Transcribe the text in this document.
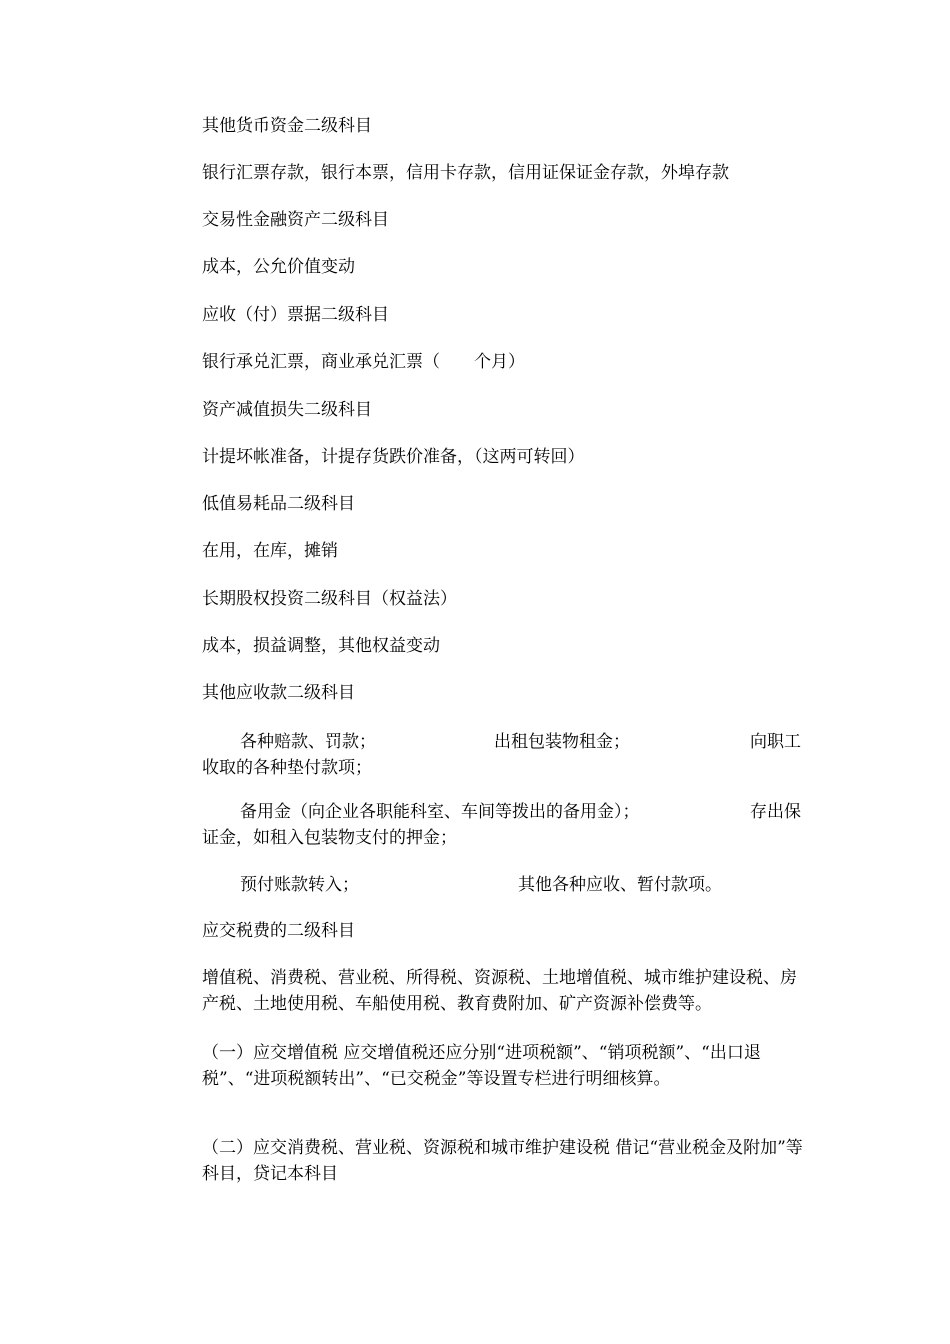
其他货币资金二级科目
银行汇票存款，银行本票，信用卡存款，信用证保证金存款，外埠存款
交易性金融资产二级科目
成本，公允价值变动
应收（付）票据二级科目
银行承兑汇票，商业承兑汇票（　　个月）
资产减值损失二级科目
计提坏帐准备，计提存货跌价准备，（这两可转回）
低值易耗品二级科目
在用，在库，摊销
长期股权投资二级科目（权益法）
成本，损益调整，其他权益变动
其他应收款二级科目
各种赔款、罚款；	出租包装物租金；	向职工
收取的各种垫付款项；
备用金（向企业各职能科室、车间等拨出的备用金）；	存出保
证金，如租入包装物支付的押金；
预付账款转入；	其他各种应收、暂付款项。
应交税费的二级科目
增值税、消费税、营业税、所得税、资源税、土地增值税、城市维护建设税、房产税、土地使用税、车船使用税、教育费附加、矿产资源补偿费等。
（一）应交增值税 应交增值税还应分别“进项税额”、“销项税额”、“出口退税”、“进项税额转出”、“已交税金”等设置专栏进行明细核算。
（二）应交消费税、营业税、资源税和城市维护建设税 借记“营业税金及附加”等科目，贷记本科目
